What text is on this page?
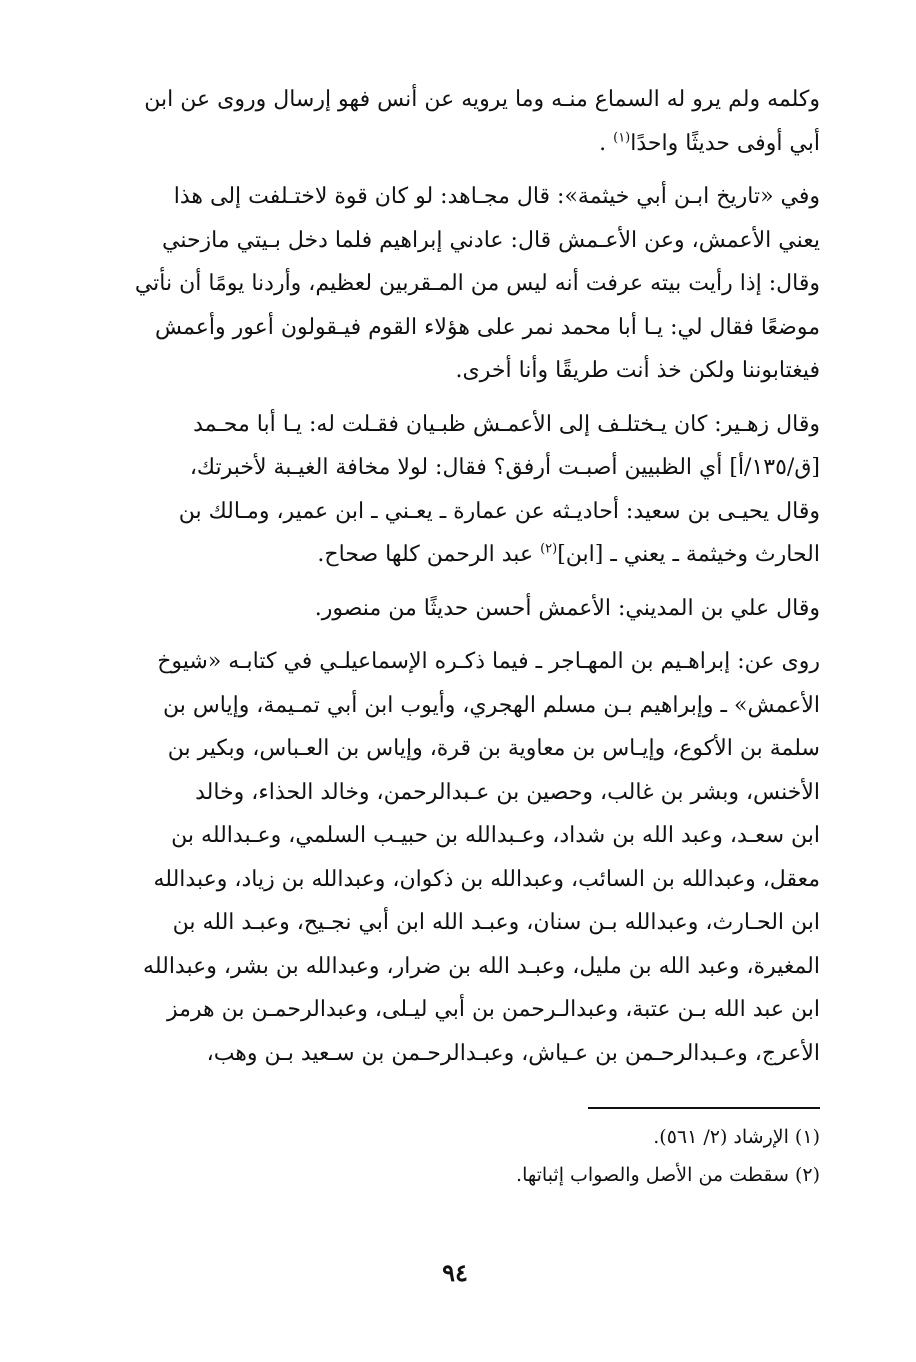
وكلمه ولم يرو له السماع منـه وما يرويه عن أنس فهو إرسال وروى عن ابن
أبي أوفى حديثًا واحدًا$^{(١)}$ .

وفي «تاريخ ابـن أبي خيثمة»: قال مجـاهد: لو كان قوة لاختـلفت إلى هذا
يعني الأعمش، وعن الأعـمش قال: عادني إبراهيم فلما دخل بـيتي مازحني
وقال: إذا رأيت بيته عرفت أنه ليس من المـقربين لعظيم، وأردنا يومًا أن نأتي
موضعًا فقال لي: يـا أبا محمد نمر على هؤلاء القوم فيـقولون أعور وأعمش
فيغتابوننا ولكن خذ أنت طريقًا وأنا أخرى.

وقال زهـير: كان يـختلـف إلى الأعمـش ظبـيان فقـلت له: يـا أبا محـمد
[ق/١٣٥/أ] أي الظبيين أصبـت أرفق؟ فقال: لولا مخافة الغيـبة لأخبرتك،
وقال يحيـى بن سعيد: أحاديـثه عن عمارة ـ يعـني ـ ابن عمير، ومـالك بن
الحارث وخيثمة ـ يعني ـ [ابن]$^{(٢)}$ عبد الرحمن كلها صحاح.

وقال علي بن المديني: الأعمش أحسن حديثًا من منصور.

روى عن: إبراهـيم بن المهـاجر ـ فيما ذكـره الإسماعيلـي في كتابـه «شيوخ
الأعمش» ـ وإبراهيم بـن مسلم الهجري، وأيوب ابن أبي تمـيمة، وإياس بن
سلمة بن الأكوع، وإيـاس بن معاوية بن قرة، وإياس بن العـباس، وبكير بن
الأخنس، وبشر بن غالب، وحصين بن عـبدالرحمن، وخالد الحذاء، وخالد
ابن سعـد، وعبد الله بن شداد، وعـبدالله بن حبيـب السلمي، وعـبدالله بن
معقل، وعبدالله بن السائب، وعبدالله بن ذكوان، وعبدالله بن زياد، وعبدالله
ابن الحـارث، وعبدالله بـن سنان، وعبـد الله ابن أبي نجـيح، وعبـد الله بن
المغيرة، وعبد الله بن مليل، وعبـد الله بن ضرار، وعبدالله بن بشر، وعبدالله
ابن عبد الله بـن عتبة، وعبدالـرحمن بن أبي ليـلى، وعبدالرحمـن بن هرمز
الأعرج، وعـبدالرحـمن بن عـياش، وعبـدالرحـمن بن سـعيد بـن وهب،

(١) الإرشاد (٢/ ٥٦١).
(٢) سقطت من الأصل والصواب إثباتها.
٩٤
